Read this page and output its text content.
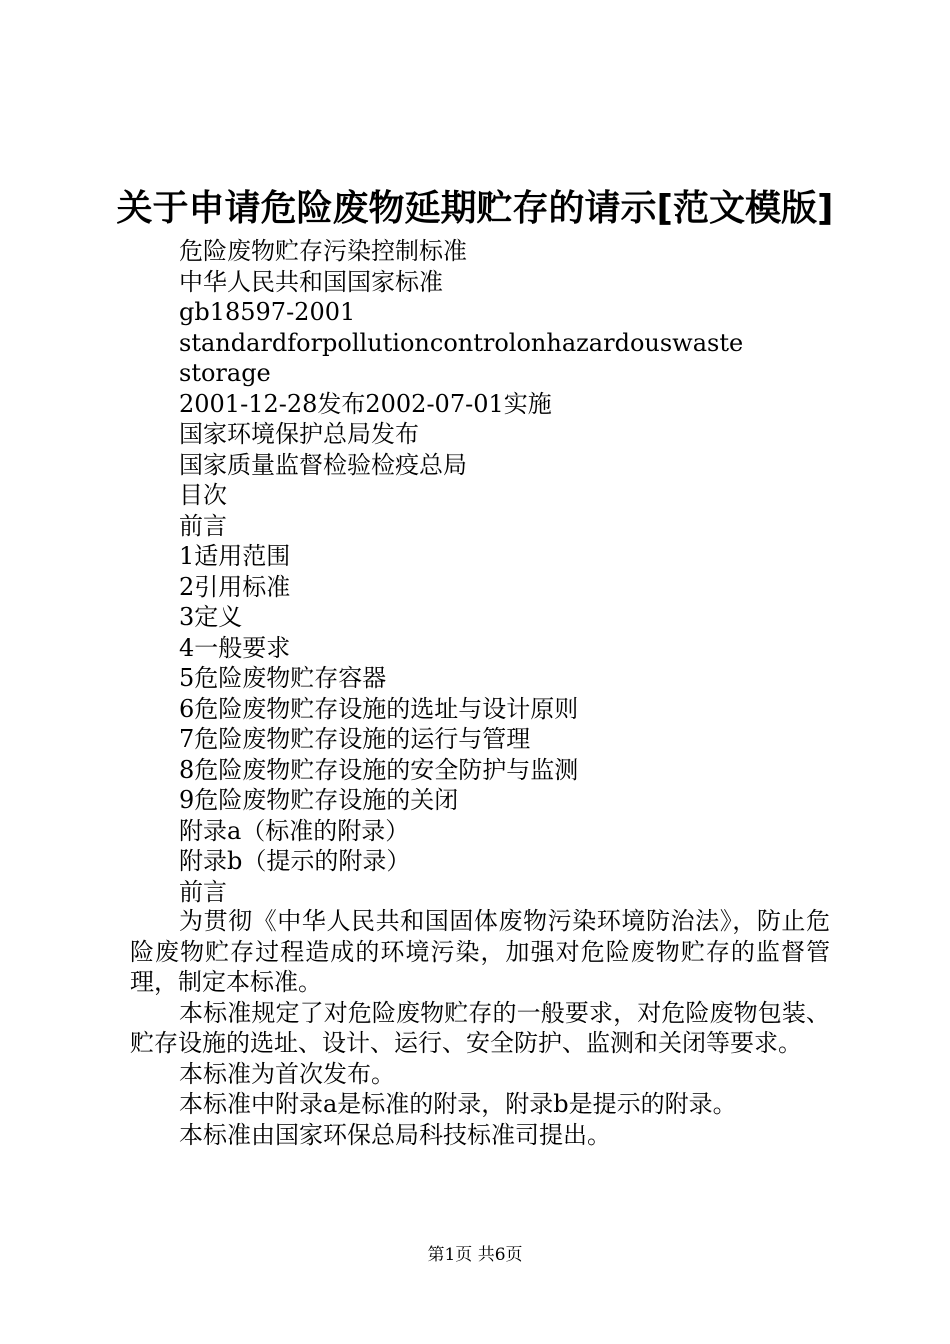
关于申请危险废物延期贮存的请示[范文模版]
危险废物贮存污染控制标准
中华人民共和国国家标准
gb18597-2001
standardforpollutioncontrolonhazardouswaste
storage
2001-12-28发布2002-07-01实施
国家环境保护总局发布
国家质量监督检验检疫总局
目次
前言
1适用范围
2引用标准
3定义
4一般要求
5危险废物贮存容器
6危险废物贮存设施的选址与设计原则
7危险废物贮存设施的运行与管理
8危险废物贮存设施的安全防护与监测
9危险废物贮存设施的关闭
附录a（标准的附录）
附录b（提示的附录）
前言
为贯彻《中华人民共和国固体废物污染环境防治法》，防止危险废物贮存过程造成的环境污染，加强对危险废物贮存的监督管理，制定本标准。
本标准规定了对危险废物贮存的一般要求，对危险废物包装、贮存设施的选址、设计、运行、安全防护、监测和关闭等要求。
本标准为首次发布。
本标准中附录a是标准的附录，附录b是提示的附录。
本标准由国家环保总局科技标准司提出。
第1页 共6页
